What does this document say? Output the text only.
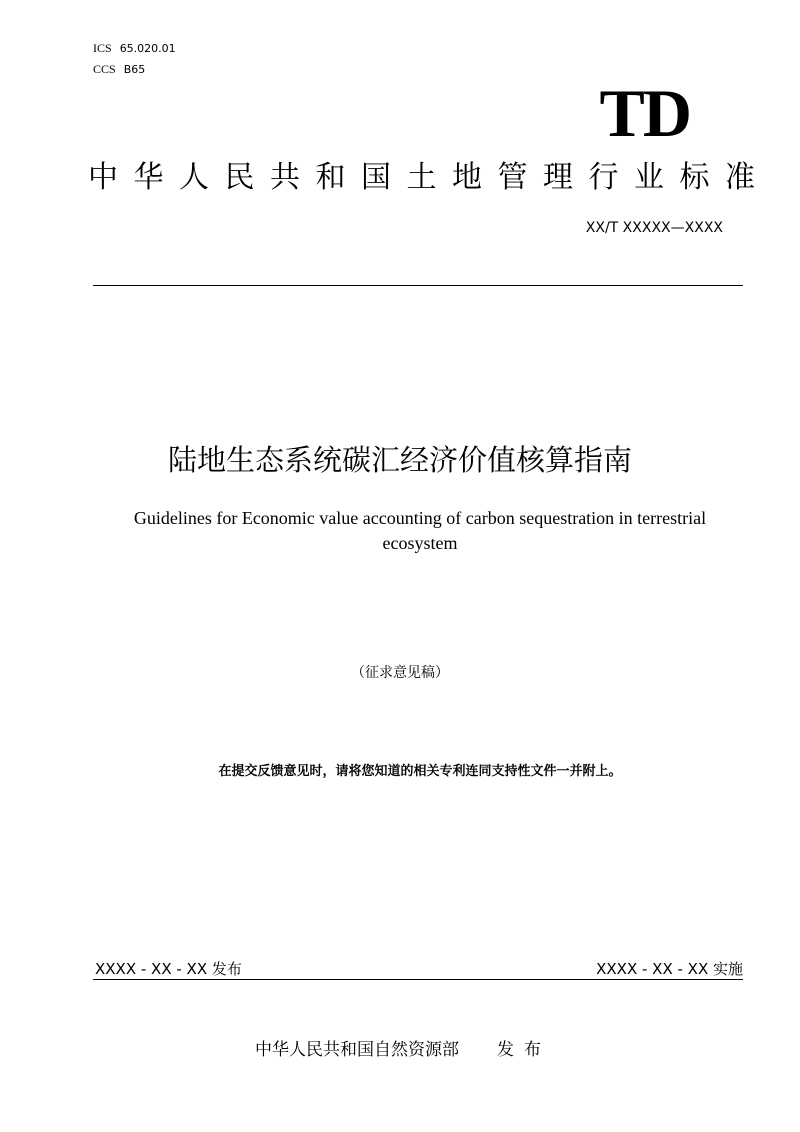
ICS 65.020.01
CCS B65
TD
中华人民共和国土地管理行业标准
XX/T XXXXX—XXXX
陆地生态系统碳汇经济价值核算指南
Guidelines for Economic value accounting of carbon sequestration in terrestrial ecosystem
（征求意见稿）
在提交反馈意见时，请将您知道的相关专利连同支持性文件一并附上。
XXXX - XX - XX 发布	XXXX - XX - XX 实施
中华人民共和国自然资源部 发布
